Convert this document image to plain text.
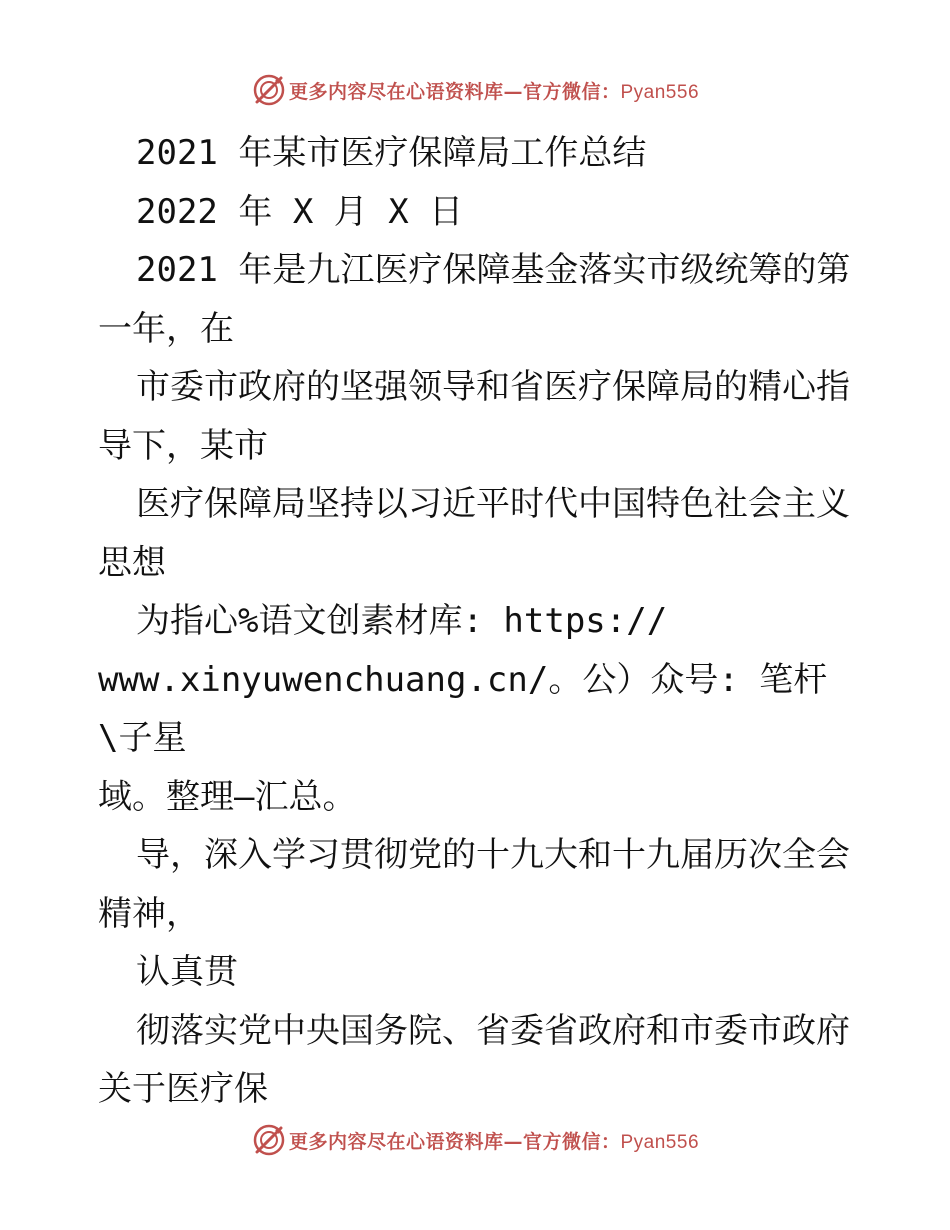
更多内容尽在心语资料库—官方微信：Pyan556

2021 年某市医疗保障局工作总结

2022 年 X 月 X 日

2021 年是九江医疗保障基金落实市级统筹的第

一年，在

市委市政府的坚强领导和省医疗保障局的精心指

导下，某市

医疗保障局坚持以习近平时代中国特色社会主义

思想

为指心%语文创素材库: https://

www.xinyuwenchuang.cn/。公）众号: 笔杆\子星

域。整理—汇总。

导，深入学习贯彻党的十九大和十九届历次全会

精神，

认真贯

彻落实党中央国务院、省委省政府和市委市政府

关于医疗保

更多内容尽在心语资料库—官方微信：Pyan556
